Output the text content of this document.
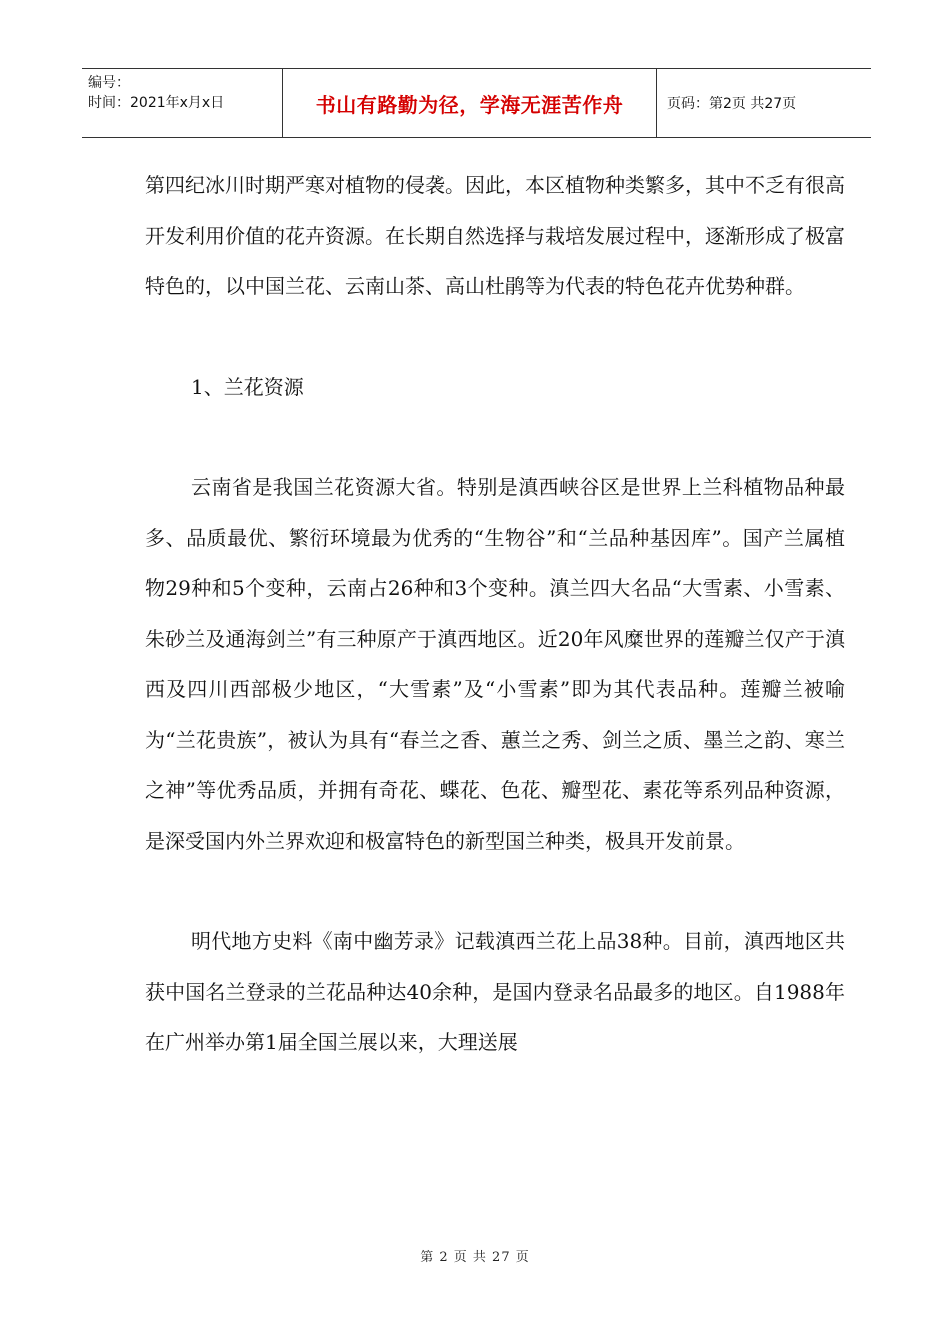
编号：
时间：2021年x月x日	书山有路勤为径，学海无涯苦作舟	页码：第2页 共27页

第四纪冰川时期严寒对植物的侵袭。因此，本区植物种类繁多，其中不乏有很高开发利用价值的花卉资源。在长期自然选择与栽培发展过程中，逐渐形成了极富特色的，以中国兰花、云南山茶、高山杜鹃等为代表的特色花卉优势种群。

1、兰花资源

云南省是我国兰花资源大省。特别是滇西峡谷区是世界上兰科植物品种最多、品质最优、繁衍环境最为优秀的“生物谷”和“兰品种基因库”。国产兰属植物29种和5个变种，云南占26种和3个变种。滇兰四大名品“大雪素、小雪素、朱砂兰及通海剑兰”有三种原产于滇西地区。近20年风糜世界的莲瓣兰仅产于滇西及四川西部极少地区，“大雪素”及“小雪素”即为其代表品种。莲瓣兰被喻为“兰花贵族”，被认为具有“春兰之香、蕙兰之秀、剑兰之质、墨兰之韵、寒兰之神”等优秀品质，并拥有奇花、蝶花、色花、瓣型花、素花等系列品种资源，是深受国内外兰界欢迎和极富特色的新型国兰种类，极具开发前景。

明代地方史料《南中幽芳录》记载滇西兰花上品38种。目前，滇西地区共获中国名兰登录的兰花品种达40余种，是国内登录名品最多的地区。自1988年在广州举办第1届全国兰展以来，大理送展

第 2 页 共 27 页
